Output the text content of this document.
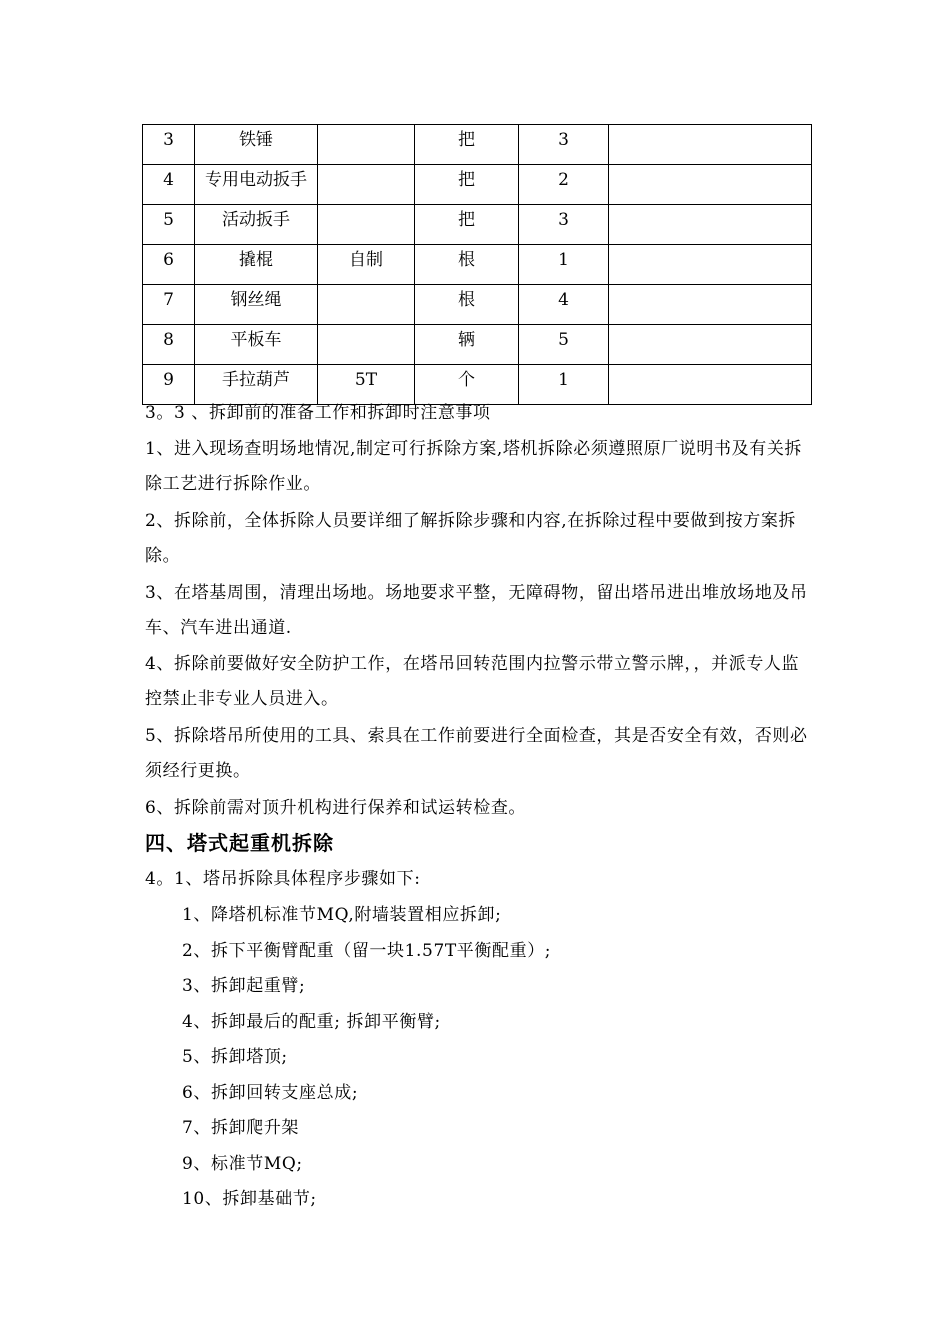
3	铁锤		把	3	
4	专用电动扳手		把	2	
5	活动扳手		把	3	
6	撬棍	自制	根	1	
7	钢丝绳		根	4	
8	平板车		辆	5	
9	手拉葫芦	5T	个	1	
3。3 、拆卸前的准备工作和拆卸时注意事项
1、进入现场查明场地情况,制定可行拆除方案,塔机拆除必须遵照原厂说明书及有关拆除工艺进行拆除作业。
2、拆除前，全体拆除人员要详细了解拆除步骤和内容,在拆除过程中要做到按方案拆除。
3、在塔基周围，清理出场地。场地要求平整，无障碍物，留出塔吊进出堆放场地及吊车、汽车进出通道.
4、拆除前要做好安全防护工作，在塔吊回转范围内拉警示带立警示牌，，并派专人监控禁止非专业人员进入。
5、拆除塔吊所使用的工具、索具在工作前要进行全面检查，其是否安全有效，否则必须经行更换。
6、拆除前需对顶升机构进行保养和试运转检查。
四、塔式起重机拆除
4。1、塔吊拆除具体程序步骤如下:
1、降塔机标准节MQ,附墙装置相应拆卸;
2、拆下平衡臂配重（留一块1.57T平衡配重）;
3、拆卸起重臂;
4、拆卸最后的配重; 拆卸平衡臂;
5、拆卸塔顶;
6、拆卸回转支座总成;
7、拆卸爬升架
9、标准节MQ;
10、拆卸基础节;
